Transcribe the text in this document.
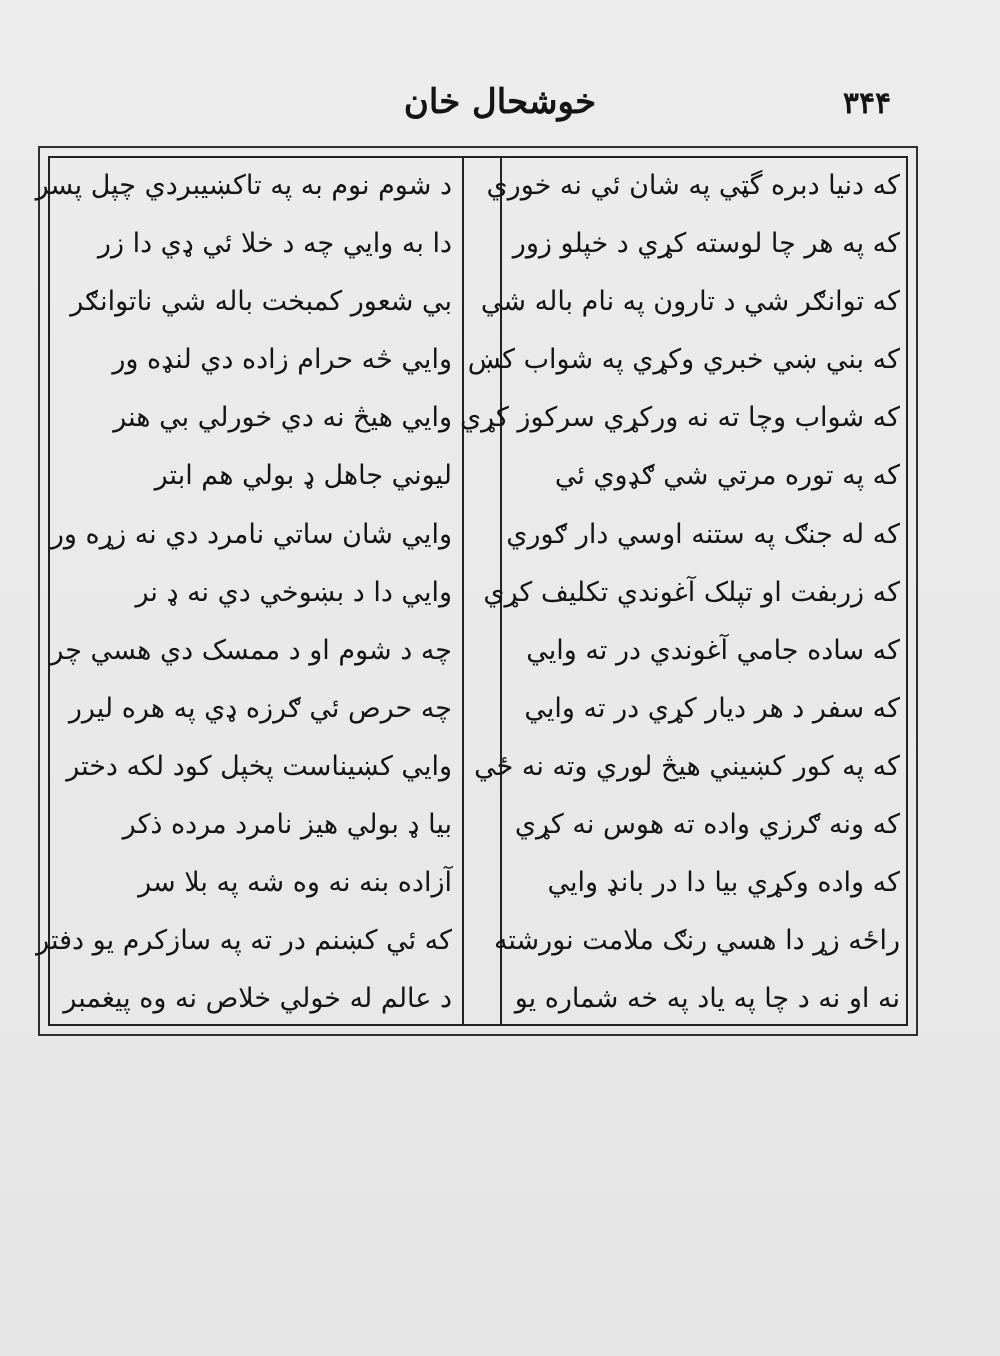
خوشحال خان	۳۴۴
که دنیا دبره گټي په شان ئي نه خوري
که په هر چا لوسته کړي د خپلو زور
که توانګر شي د تارون په نام باله شي
که بني ښي خبري وکړي په شواب کښ
که شواب وچا ته نه ورکړي سرکوز کړي
که په توره مرتي شي ګډوي ئي
که له جنګ په ستنه اوسي دار ګوري
که زربفت او تپلک آغوندي تکليف کړي
که ساده جامي آغوندي در ته وايي
که سفر د هر ديار کړي در ته وايي
که په کور کښيني هيڅ لوري وته نه ځي
که ونه ګرزي واده ته هوس نه کړي
که واده وکړي بيا دا در بانډ وايي
راځه زړ دا هسي رنګ ملامت نورشته
نه او نه د چا په ياد په خه شماره يو
د شوم نوم به په تاکښيبردي چپل پسر
دا به وايي چه د خلا ئي ډي دا زر
بي شعور کمبخت باله شي ناتوانګر
وايي څه حرام زاده دي لنډه ور
وايي هيڅ نه دي خورلي بي هنر
ليوني جاهل ډ بولي هم ابتر
وايي شان ساتي نامرد دي نه زړه ور
وايي دا د بښوخي دي نه ډ نر
چه د شوم او د ممسک دي هسي چر
چه حرص ئي ګرزه ډي په هره ليرر
وايي کښيناست پخپل کود لکه دختر
بيا ډ بولي هيز نامرد مرده ذکر
آزاده بنه نه وه شه په بلا سر
که ئي کښنم در ته په سازکرم يو دفتر
د عالم له خولي خلاص نه وه پيغمبر
